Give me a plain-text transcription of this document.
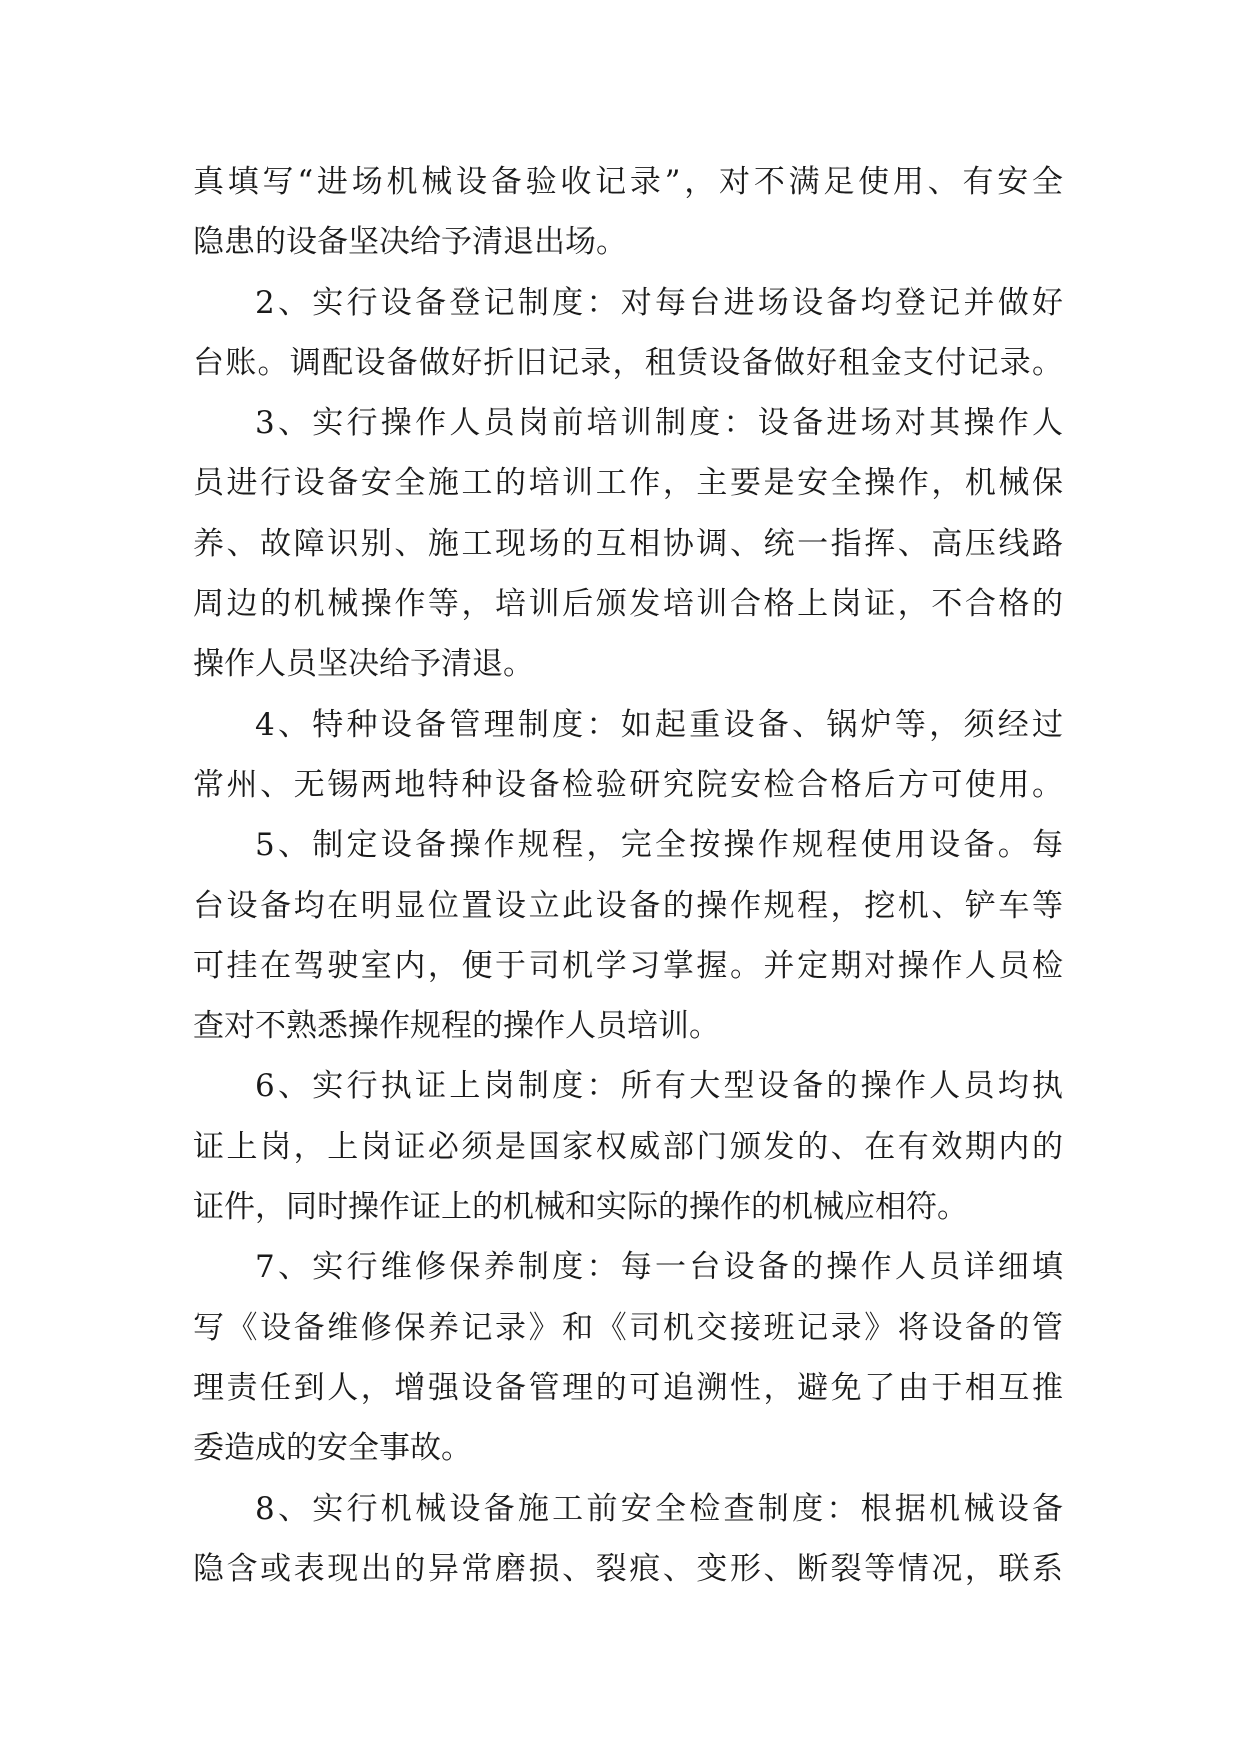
真填写“进场机械设备验收记录”，对不满足使用、有安全
隐患的设备坚决给予清退出场。
2、实行设备登记制度：对每台进场设备均登记并做好
台账。调配设备做好折旧记录，租赁设备做好租金支付记录。
3、实行操作人员岗前培训制度：设备进场对其操作人
员进行设备安全施工的培训工作，主要是安全操作，机械保
养、故障识别、施工现场的互相协调、统一指挥、高压线路
周边的机械操作等，培训后颁发培训合格上岗证，不合格的
操作人员坚决给予清退。
4、特种设备管理制度：如起重设备、锅炉等，须经过
常州、无锡两地特种设备检验研究院安检合格后方可使用。
5、制定设备操作规程，完全按操作规程使用设备。每
台设备均在明显位置设立此设备的操作规程，挖机、铲车等
可挂在驾驶室内，便于司机学习掌握。并定期对操作人员检
查对不熟悉操作规程的操作人员培训。
6、实行执证上岗制度：所有大型设备的操作人员均执
证上岗，上岗证必须是国家权威部门颁发的、在有效期内的
证件，同时操作证上的机械和实际的操作的机械应相符。
7、实行维修保养制度：每一台设备的操作人员详细填
写《设备维修保养记录》和《司机交接班记录》将设备的管
理责任到人，增强设备管理的可追溯性，避免了由于相互推
委造成的安全事故。
8、实行机械设备施工前安全检查制度：根据机械设备
隐含或表现出的异常磨损、裂痕、变形、断裂等情况，联系
